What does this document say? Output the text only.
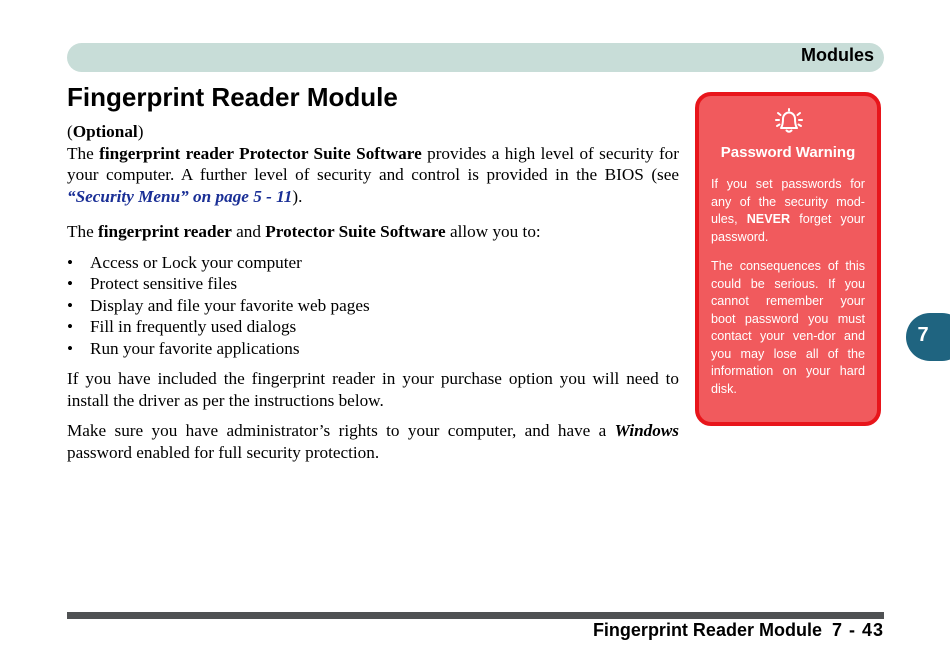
Modules
Fingerprint Reader Module

(Optional)
The fingerprint reader Protector Suite Software provides a high level of security for your computer. A further level of security and control is provided in the BIOS (see “Security Menu” on page 5 - 11).

The fingerprint reader and Protector Suite Software allow you to:

• Access or Lock your computer
• Protect sensitive files
• Display and file your favorite web pages
• Fill in frequently used dialogs
• Run your favorite applications

If you have included the fingerprint reader in your purchase option you will need to install the driver as per the instructions below.

Make sure you have administrator’s rights to your computer, and have a Windows password enabled for full security protection.

Password Warning

If you set passwords for any of the security mod-ules, NEVER forget your password.

The consequences of this could be serious. If you cannot remember your boot password you must contact your ven-dor and you may lose all of the information on your hard disk.

7
Fingerprint Reader Module 7 - 43
